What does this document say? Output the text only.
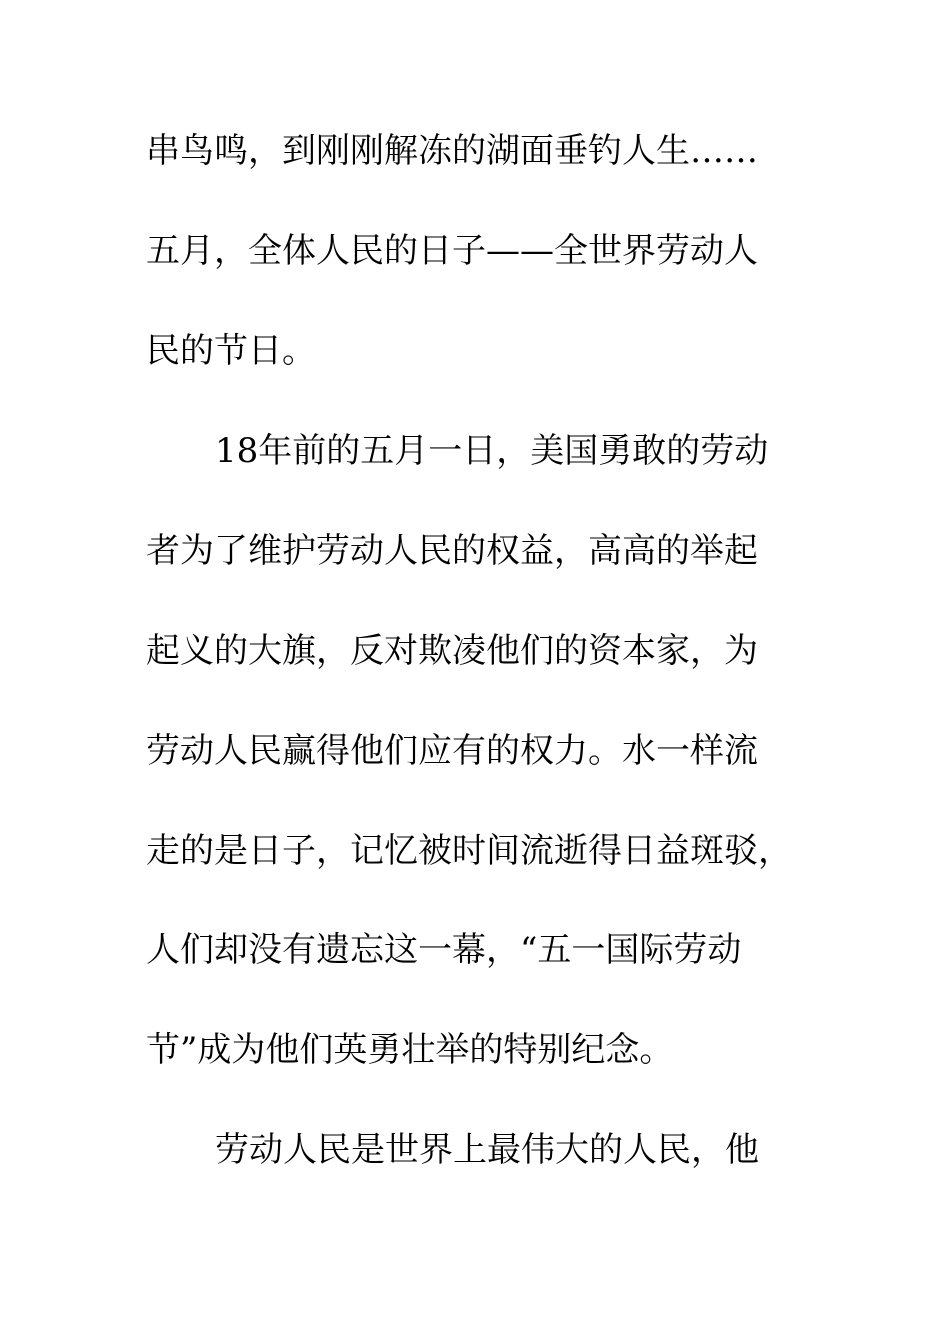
串鸟鸣，到刚刚解冻的湖面垂钓人生……

五月，全体人民的日子——全世界劳动人

民的节日。

18年前的五月一日，美国勇敢的劳动

者为了维护劳动人民的权益，高高的举起

起义的大旗，反对欺凌他们的资本家，为

劳动人民赢得他们应有的权力。水一样流

走的是日子，记忆被时间流逝得日益斑驳，

人们却没有遗忘这一幕，“五一国际劳动

节”成为他们英勇壮举的特别纪念。

劳动人民是世界上最伟大的人民，他
